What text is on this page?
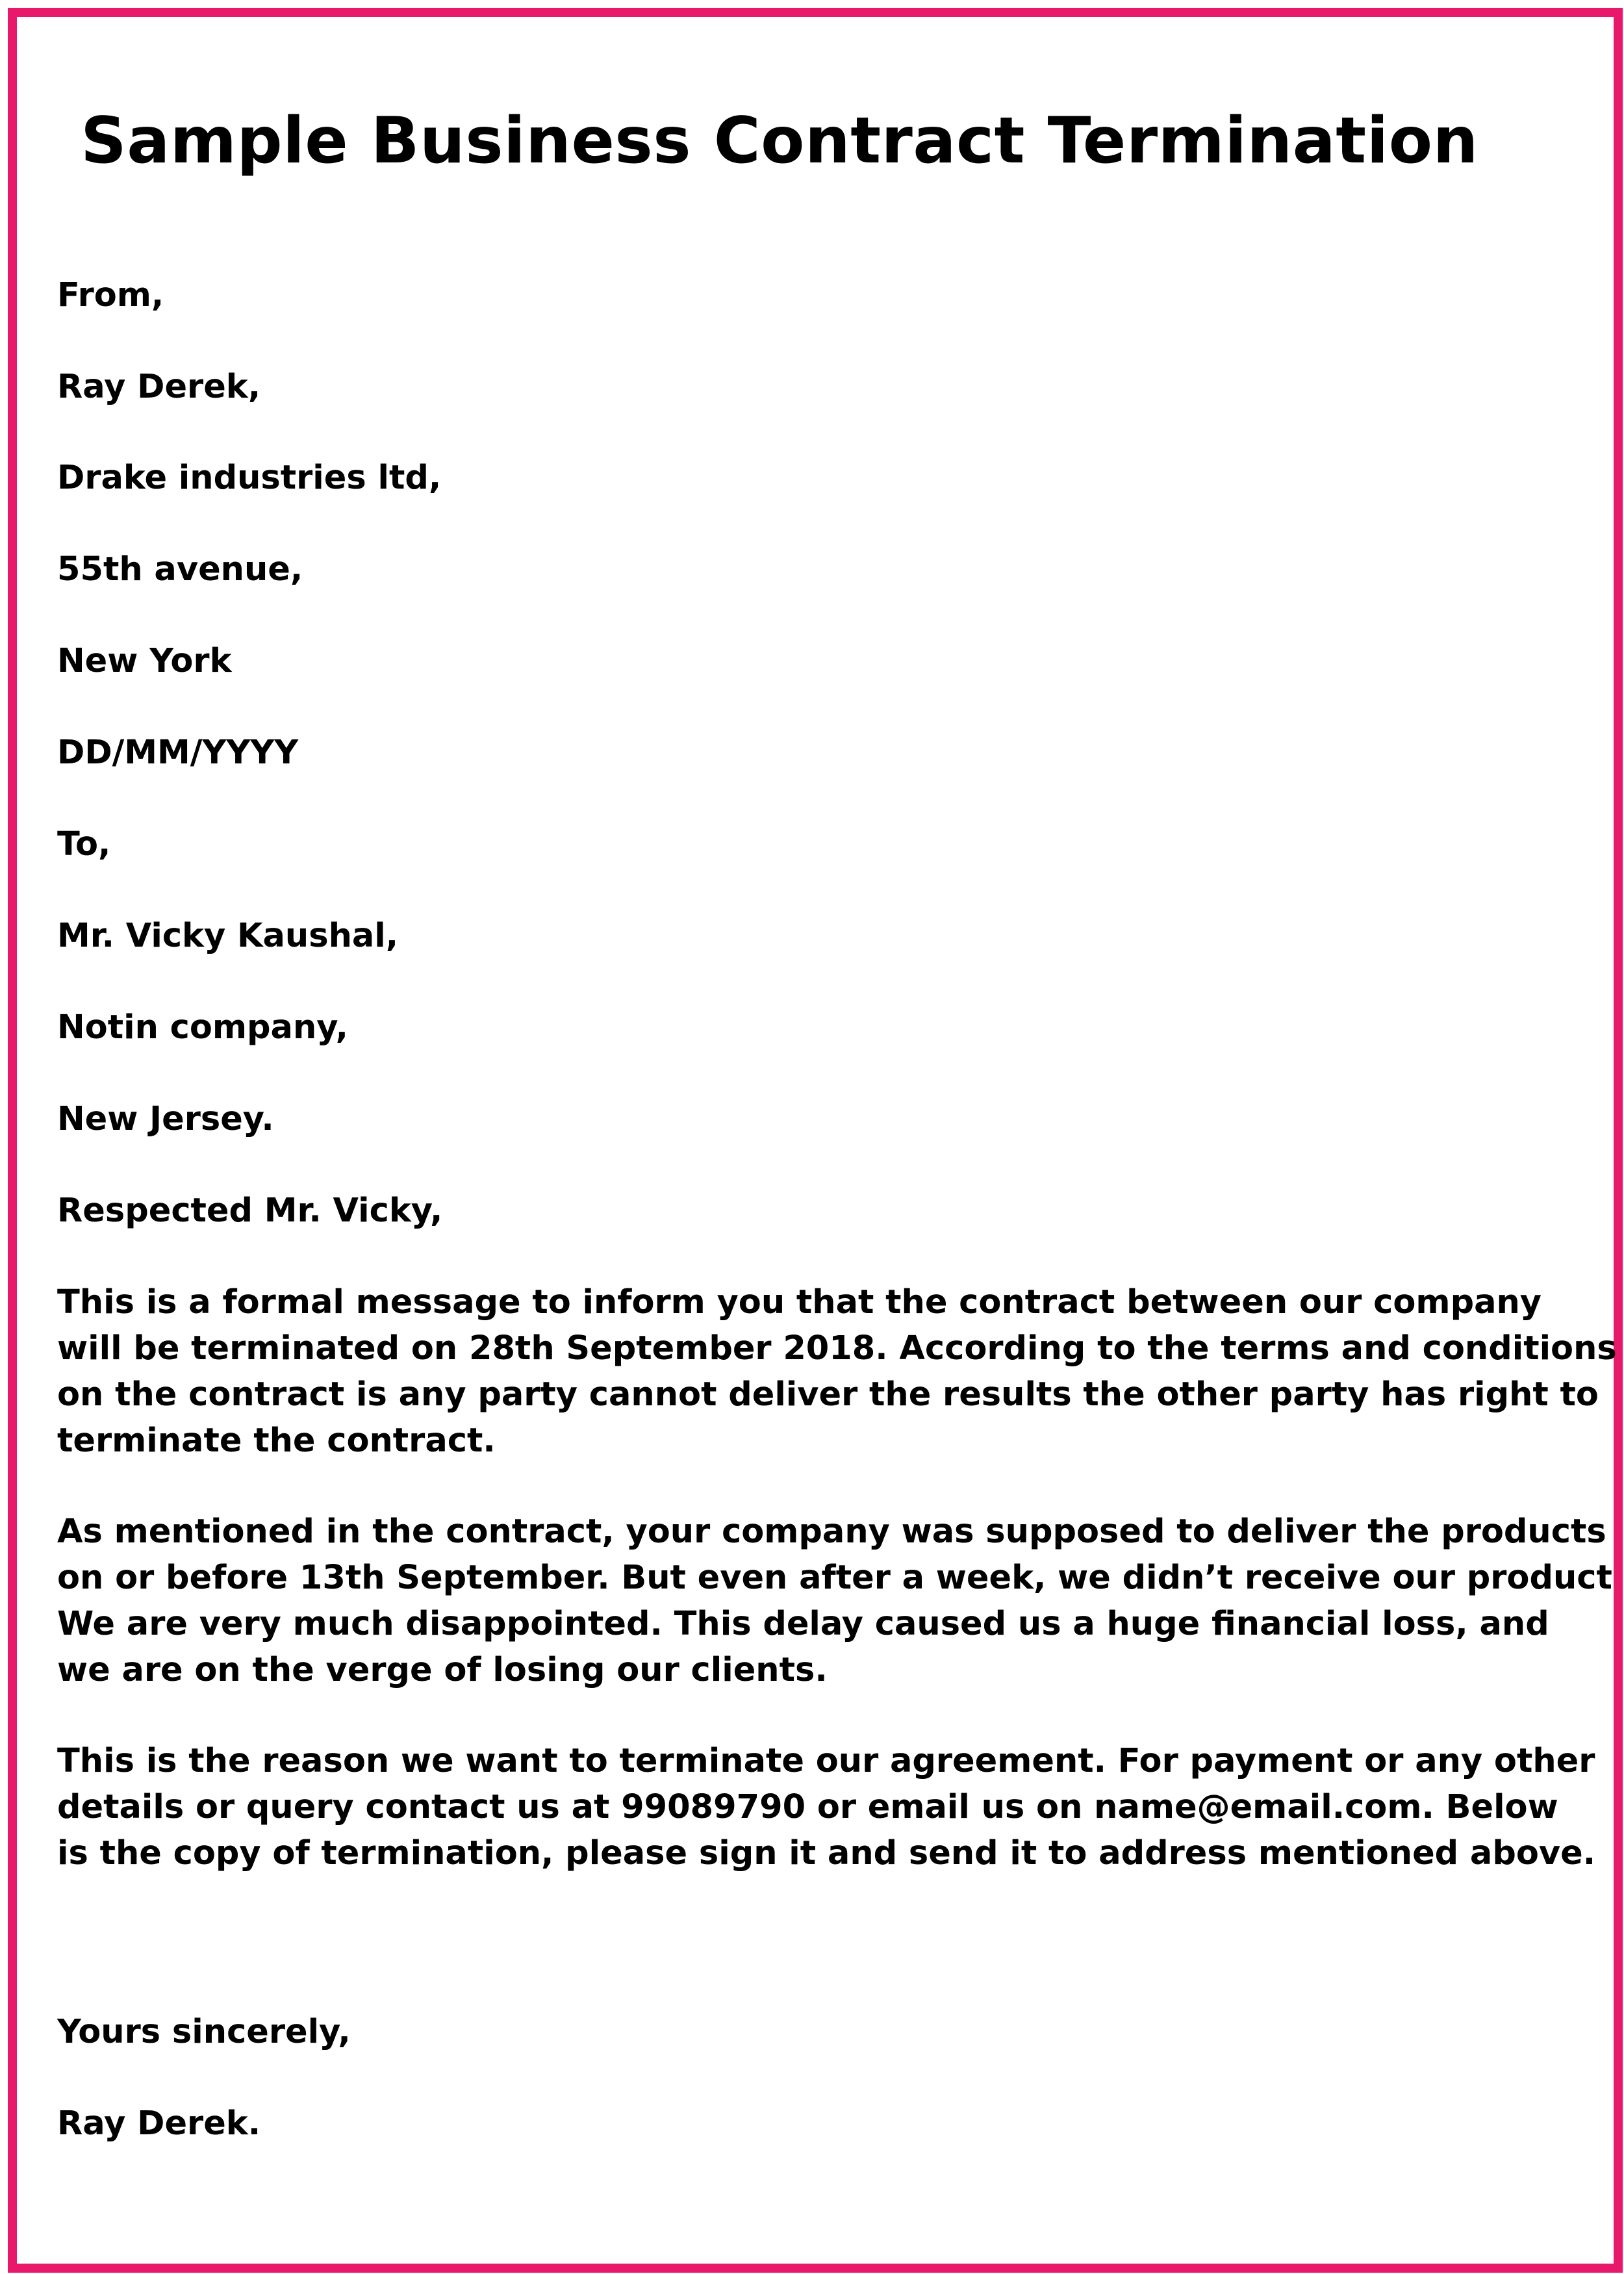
Sample Business Contract Termination

From,

Ray Derek,

Drake industries ltd,

55th avenue,

New York

DD/MM/YYYY

To,

Mr. Vicky Kaushal,

Notin company,

New Jersey.

Respected Mr. Vicky,

This is a formal message to inform you that the contract between our company
will be terminated on 28th September 2018. According to the terms and conditions
on the contract is any party cannot deliver the results the other party has right to
terminate the contract.
As mentioned in the contract, your company was supposed to deliver the products
on or before 13th September. But even after a week, we didn’t receive our product
We are very much disappointed. This delay caused us a huge financial loss, and
we are on the verge of losing our clients.
This is the reason we want to terminate our agreement. For payment or any other
details or query contact us at 99089790 or email us on name@email.com. Below
is the copy of termination, please sign it and send it to address mentioned above.

Yours sincerely,

Ray Derek.
